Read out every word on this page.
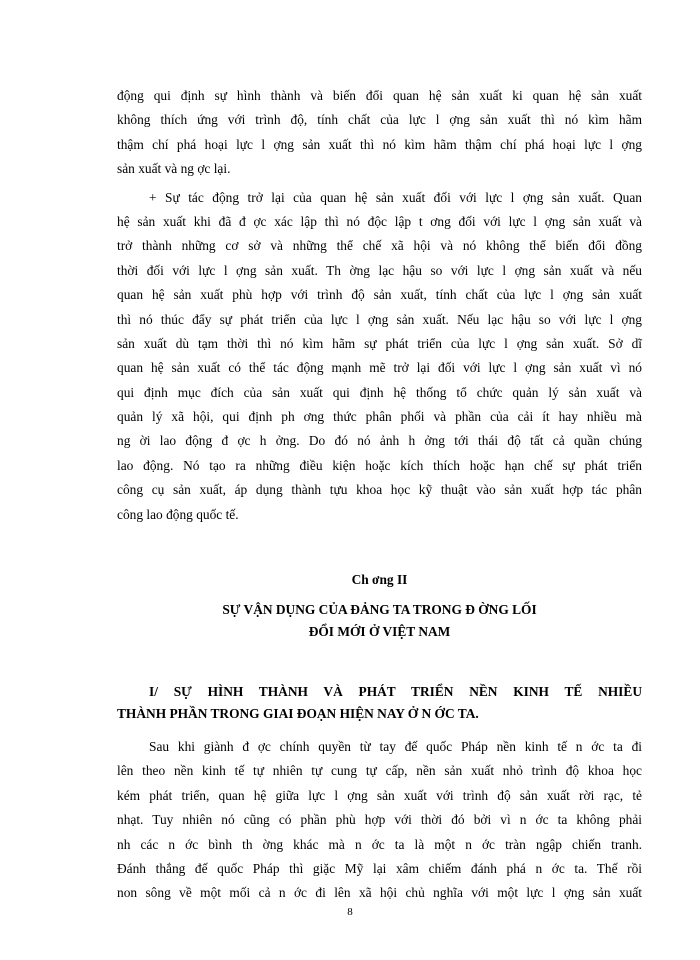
động qui định sự hình thành và biến đổi quan hệ sản xuất ki quan hệ sản xuất
không thích ứng với trình độ, tính chất của lực l ợng sản xuất thì nó kìm hãm
thậm chí phá hoại lực l ợng sản xuất thì nó kìm hãm thậm chí phá hoại lực l ợng
sản xuất và ng ợc lại.
+ Sự tác động trở lại của quan hệ sản xuất đối với lực l ợng sản xuất. Quan
hệ sản xuất khi đã đ ợc xác lập thì nó độc lập t ơng đối với lực l ợng sản xuất và
trở thành những cơ sở và những thể chế xã hội và nó không thể biến đổi đồng
thời đối với lực l ợng sản xuất. Th ờng lạc hậu so với lực l ợng sản xuất và nếu
quan hệ sản xuất phù hợp với trình độ sản xuất, tính chất của lực l ợng sản xuất
thì nó thúc đẩy sự phát triển của lực l ợng sản xuất. Nếu lạc hậu so với lực l ợng
sản xuất dù tạm thời thì nó kìm hãm sự phát triển của lực l ợng sản xuất. Sở dĩ
quan hệ sản xuất có thể tác động mạnh mẽ trở lại đối với lực l ợng sản xuất vì nó
qui định mục đích của sản xuất qui định hệ thống tổ chức quản lý sản xuất và
quản lý xã hội, qui định ph ơng thức phân phối và phần của cải ít hay nhiều mà
ng ời lao động đ ợc h ởng. Do đó nó ảnh h ởng tới thái độ tất cả quần chúng
lao động. Nó tạo ra những điều kiện hoặc kích thích hoặc hạn chế sự phát triển
công cụ sản xuất, áp dụng thành tựu khoa học kỹ thuật vào sản xuất hợp tác phân
công lao động quốc tế.
Ch ơng II
SỰ VẬN DỤNG CỦA ĐẢNG TA TRONG Đ ỜNG LỐI
ĐỔI MỚI Ở VIỆT NAM
I/ SỰ HÌNH THÀNH VÀ PHÁT TRIỂN NỀN KINH TẾ NHIỀU
THÀNH PHẦN TRONG GIAI ĐOẠN HIỆN NAY Ở N ỚC TA.
Sau khi giành đ ợc chính quyền từ tay đế quốc Pháp nền kinh tế n ớc ta đi
lên theo nền kinh tế tự nhiên tự cung tự cấp, nền sản xuất nhỏ trình độ khoa học
kém phát triển, quan hệ giữa lực l ợng sản xuất với trình độ sản xuất rời rạc, tẻ
nhạt. Tuy nhiên nó cũng có phần phù hợp với thời đó bởi vì n ớc ta không phải
nh các n ớc bình th ờng khác mà n ớc ta là một n ớc tràn ngập chiến tranh.
Đánh thắng đế quốc Pháp thì giặc Mỹ lại xâm chiếm đánh phá n ớc ta. Thế rồi
non sông về một mối cả n ớc đi lên xã hội chủ nghĩa với một lực l ợng sản xuất
8
